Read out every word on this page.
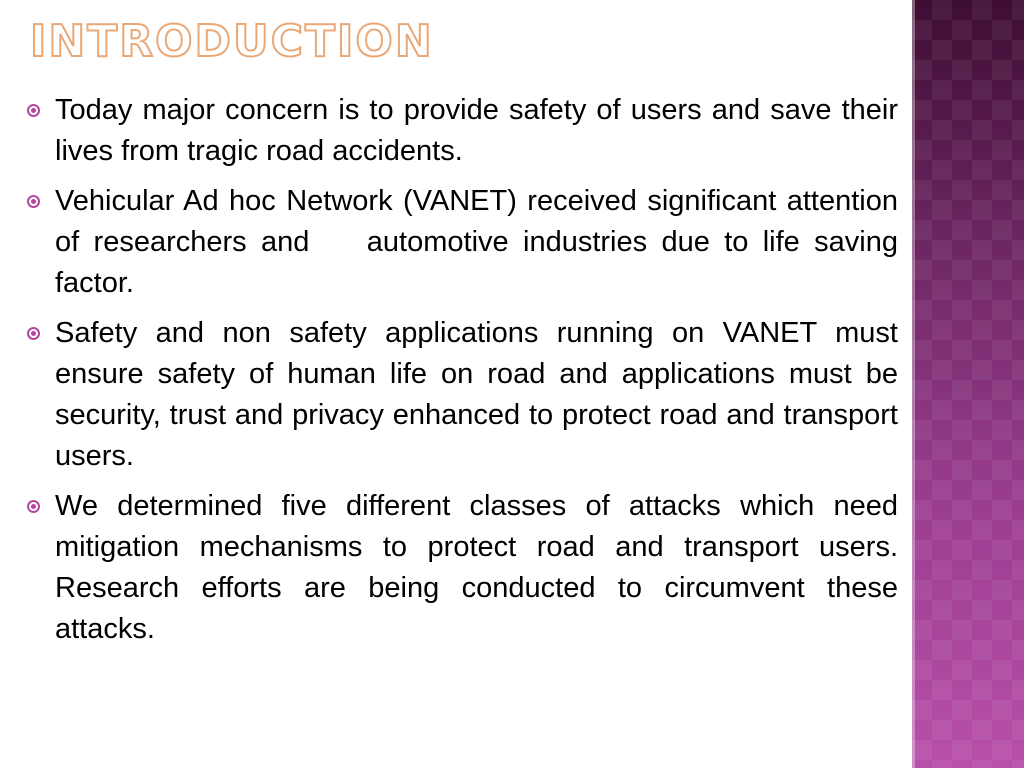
INTRODUCTION
Today major concern is to provide safety of users and save their lives from tragic road accidents.
Vehicular Ad hoc Network (VANET) received significant attention of researchers and    automotive industries due to life saving factor.
Safety and non safety applications running on VANET must ensure safety of human life on road and applications must be security, trust and privacy enhanced to protect road and transport users.
We determined five different classes of attacks which need mitigation mechanisms to protect road and transport users. Research efforts are being conducted to circumvent these attacks.
